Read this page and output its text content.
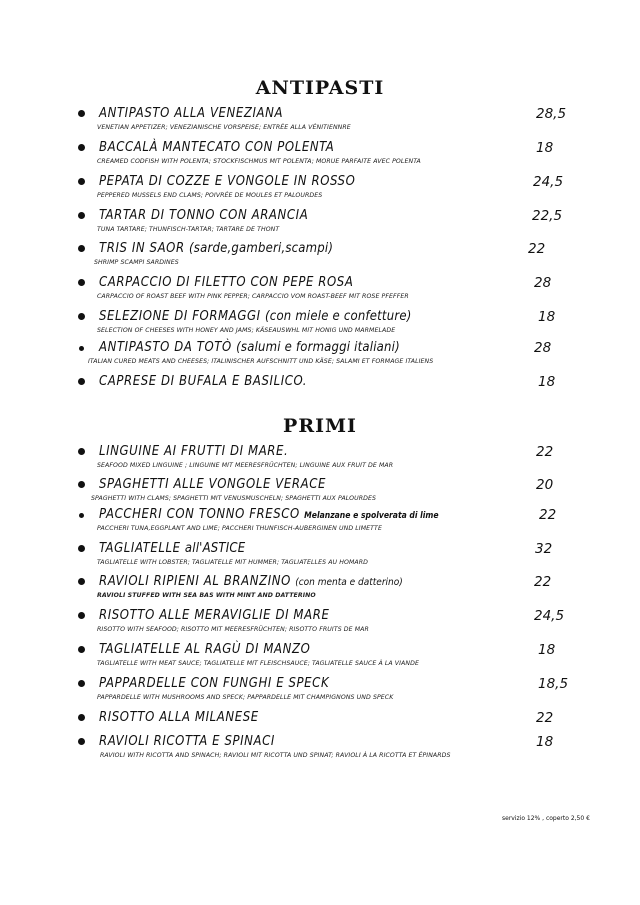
ANTIPASTI
ANTIPASTO ALLA VENEZIANA	28,5
VENETIAN APPETIZER; VENEZIANISCHE VORSPEISE; ENTRÉE ALLA VÉNITIENNRE
BACCALÀ MANTECATO CON POLENTA	18
CREAMED CODFISH WITH POLENTA; STOCKFISCHMUS MIT POLENTA; MORUE PARFAITE AVEC POLENTA
PEPATA DI COZZE E VONGOLE IN ROSSO	24,5
PEPPERED MUSSELS END CLAMS; POIVRÉE DE MOULES ET PALOURDES
TARTAR DI TONNO CON ARANCIA	22,5
TUNA TARTARE; THUNFISCH-TARTAR; TARTARE DE THONT
TRIS IN SAOR (sarde,gamberi,scampi)	22
SHRIMP SCAMPI SARDINES
CARPACCIO DI FILETTO CON PEPE ROSA	28
CARPACCIO OF ROAST BEEF WITH PINK PEPPER; CARPACCIO VOM ROAST-BEEF MIT ROSE PFEFFER
SELEZIONE DI FORMAGGI (con miele e confetture)	18
SELECTION OF CHEESES WITH HONEY AND JAMS; KÄSEAUSWHL MIT HONIG UND MARMELADE
ANTIPASTO DA TOTÒ (salumi e formaggi italiani)	28
ITALIAN CURED MEATS AND CHEESES; ITALINISCHER AUFSCHNITT UND KÄSE; SALAMI ET FORMAGE ITALIENS
CAPRESE DI BUFALA E BASILICO.	18
PRIMI
LINGUINE AI FRUTTI DI MARE.	22
SEAFOOD MIXED LINGUINE ; LINGUINE MIT MEERESFRÜCHTEN; LINGUINE AUX FRUIT DE MAR
SPAGHETTI ALLE VONGOLE VERACE	20
SPAGHETTI WITH CLAMS; SPAGHETTI MIT VENUSMUSCHELN; SPAGHETTI AUX PALOURDES
PACCHERI CON TONNO FRESCO Melanzane e spolverata di lime	22
PACCHERI TUNA,EGGPLANT AND LIME; PACCHERI THUNFISCH-AUBERGINEN UND LIMETTE
TAGLIATELLE all'ASTICE	32
TAGLIATELLE WITH LOBSTER; TAGLIATELLE MIT HUMMER; TAGLIATELLES AU HOMARD
RAVIOLI RIPIENI AL BRANZINO (con menta e datterino)	22
RAVIOLI STUFFED WITH SEA BAS WITH MINT AND DATTERINO
RISOTTO ALLE MERAVIGLIE DI MARE	24,5
RISOTTO WITH SEAFOOD; RISOTTO MIT MEERESFRÜCHTEN; RISOTTO FRUITS DE MAR
TAGLIATELLE AL RAGÙ DI MANZO	18
TAGLIATELLE WITH MEAT SAUCE; TAGLIATELLE MIT FLEISCHSAUCE; TAGLIATELLE SAUCE À LA VIANDE
PAPPARDELLE CON FUNGHI E SPECK	18,5
PAPPARDELLE WITH MUSHROOMS AND SPECK; PAPPARDELLE MIT CHAMPIGNONS UND SPECK
RISOTTO ALLA MILANESE	22
RAVIOLI RICOTTA E SPINACI	18
RAVIOLI WITH RICOTTA AND SPINACH; RAVIOLI MIT RICOTTA UND SPINAT; RAVIOLI À LA RICOTTA ET ÉPINARDS
servizio 12% , coperto 2,50 €
